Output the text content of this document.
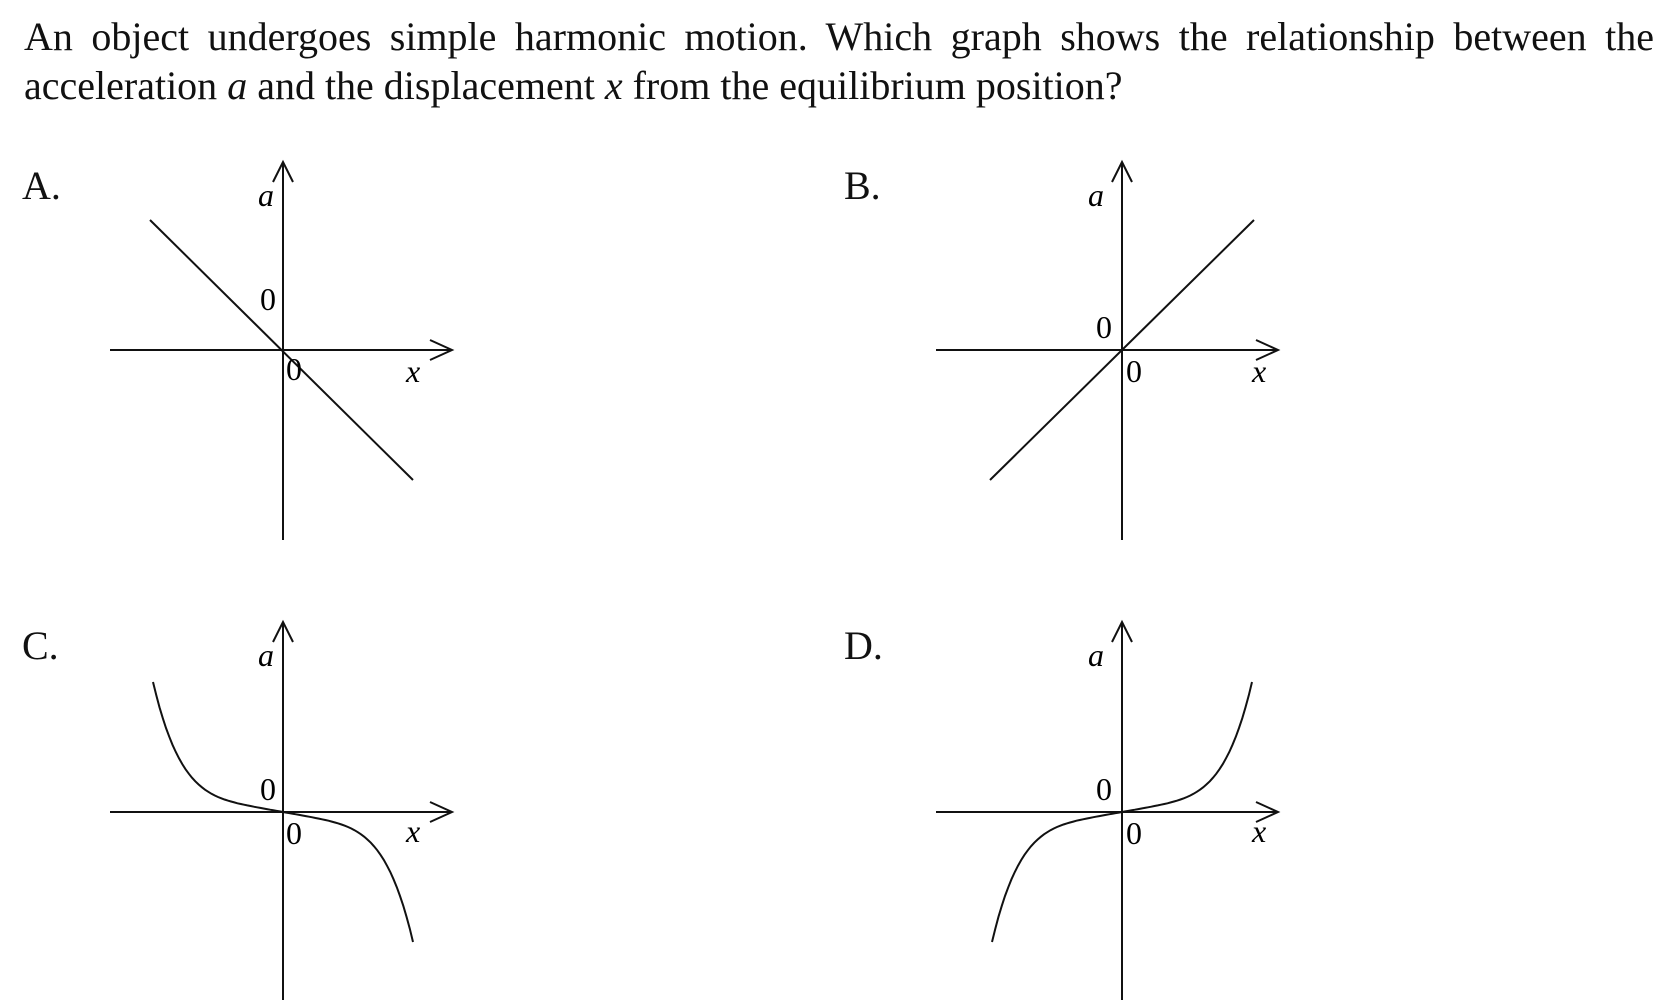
An object undergoes simple harmonic motion. Which graph shows the relationship between the
acceleration a and the displacement x from the equilibrium position?
A.	a
x
0
0
B.	a
x
0
0
C.	a
x
0
0
D.	a
x
0
0
